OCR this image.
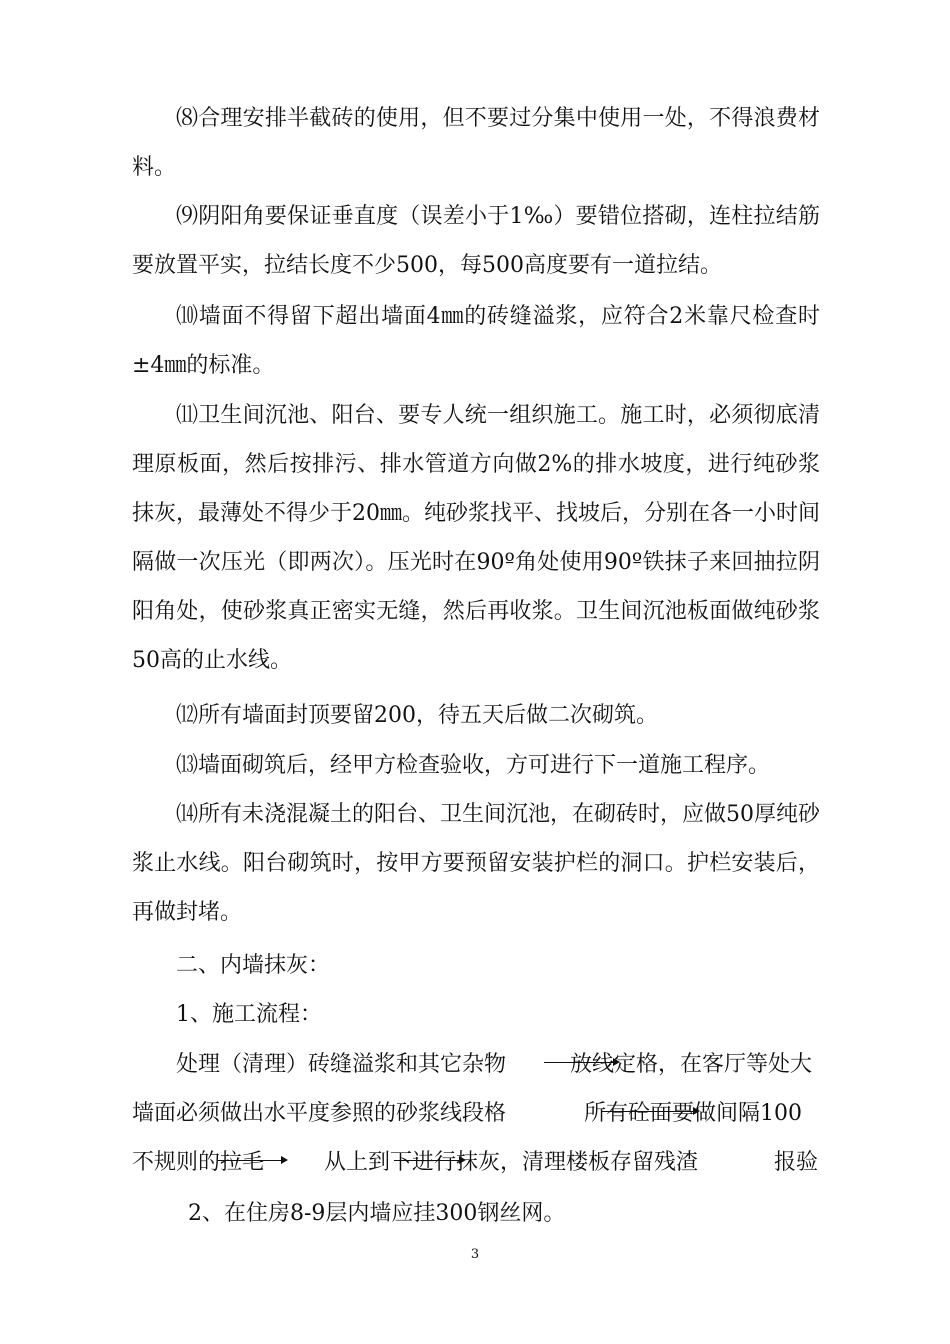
⑻合理安排半截砖的使用，但不要过分集中使用一处，不得浪费材料。

⑼阴阳角要保证垂直度（误差小于1‰）要错位搭砌，连柱拉结筋要放置平实，拉结长度不少500，每500高度要有一道拉结。

⑽墙面不得留下超出墙面4㎜的砖缝溢浆，应符合2米靠尺检查时±4㎜的标准。

⑾卫生间沉池、阳台、要专人统一组织施工。施工时，必须彻底清理原板面，然后按排污、排水管道方向做2%的排水坡度，进行纯砂浆抹灰，最薄处不得少于20㎜。纯砂浆找平、找坡后，分别在各一小时间隔做一次压光（即两次）。压光时在90º角处使用90º铁抹子来回抽拉阴阳角处，使砂浆真正密实无缝，然后再收浆。卫生间沉池板面做纯砂浆50高的止水线。

⑿所有墙面封顶要留200，待五天后做二次砌筑。

⒀墙面砌筑后，经甲方检查验收，方可进行下一道施工程序。

⒁所有未浇混凝土的阳台、卫生间沉池，在砌砖时，应做50厚纯砂浆止水线。阳台砌筑时，按甲方要预留安装护栏的洞口。护栏安装后，再做封堵。

二、内墙抹灰：

1、施工流程：

处理（清理）砖缝溢浆和其它杂物	放线定格，在客厅等处大
墙面必须做出水平度参照的砂浆线段格	所有砼面要做间隔100
不规则的拉毛	从上到下进行抹灰，清理楼板存留残渣	报验

2、在住房8-9层内墙应挂300钢丝网。

3
